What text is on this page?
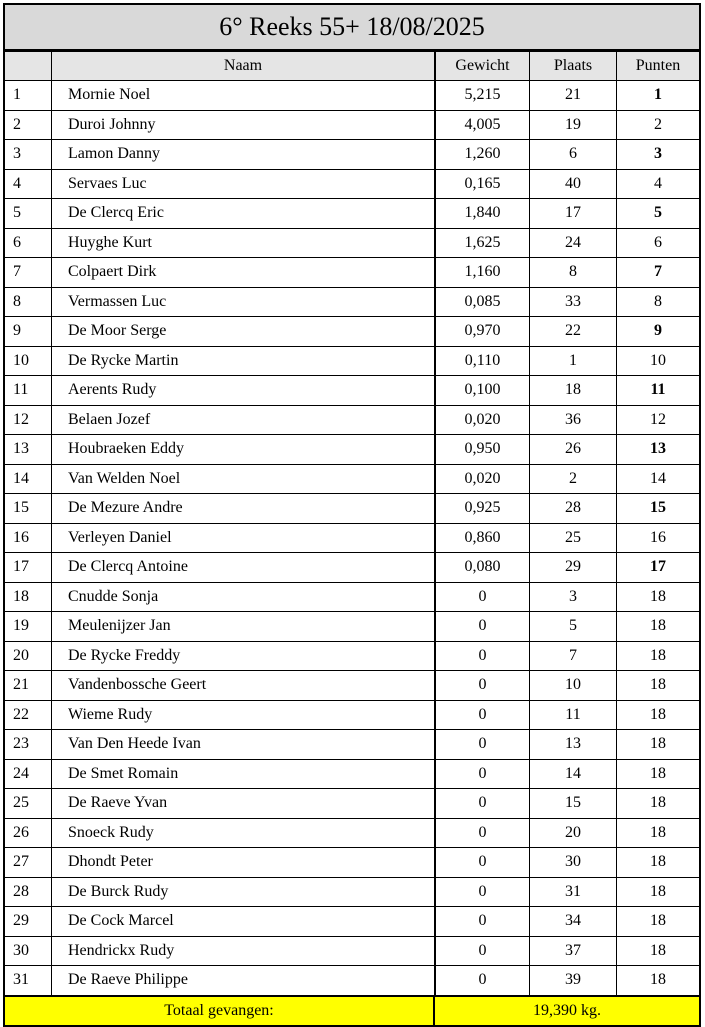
6° Reeks 55+ 18/08/2025
	Naam	Gewicht	Plaats	Punten
1	Mornie Noel	5,215	21	1
2	Duroi Johnny	4,005	19	2
3	Lamon Danny	1,260	6	3
4	Servaes Luc	0,165	40	4
5	De Clercq Eric	1,840	17	5
6	Huyghe Kurt	1,625	24	6
7	Colpaert Dirk	1,160	8	7
8	Vermassen Luc	0,085	33	8
9	De Moor Serge	0,970	22	9
10	De Rycke Martin	0,110	1	10
11	Aerents Rudy	0,100	18	11
12	Belaen Jozef	0,020	36	12
13	Houbraeken Eddy	0,950	26	13
14	Van Welden Noel	0,020	2	14
15	De Mezure Andre	0,925	28	15
16	Verleyen Daniel	0,860	25	16
17	De Clercq Antoine	0,080	29	17
18	Cnudde Sonja	0	3	18
19	Meulenijzer Jan	0	5	18
20	De Rycke Freddy	0	7	18
21	Vandenbossche Geert	0	10	18
22	Wieme Rudy	0	11	18
23	Van Den Heede Ivan	0	13	18
24	De Smet Romain	0	14	18
25	De Raeve Yvan	0	15	18
26	Snoeck Rudy	0	20	18
27	Dhondt Peter	0	30	18
28	De Burck Rudy	0	31	18
29	De Cock Marcel	0	34	18
30	Hendrickx Rudy	0	37	18
31	De Raeve Philippe	0	39	18
Totaal gevangen:	19,390 kg.
